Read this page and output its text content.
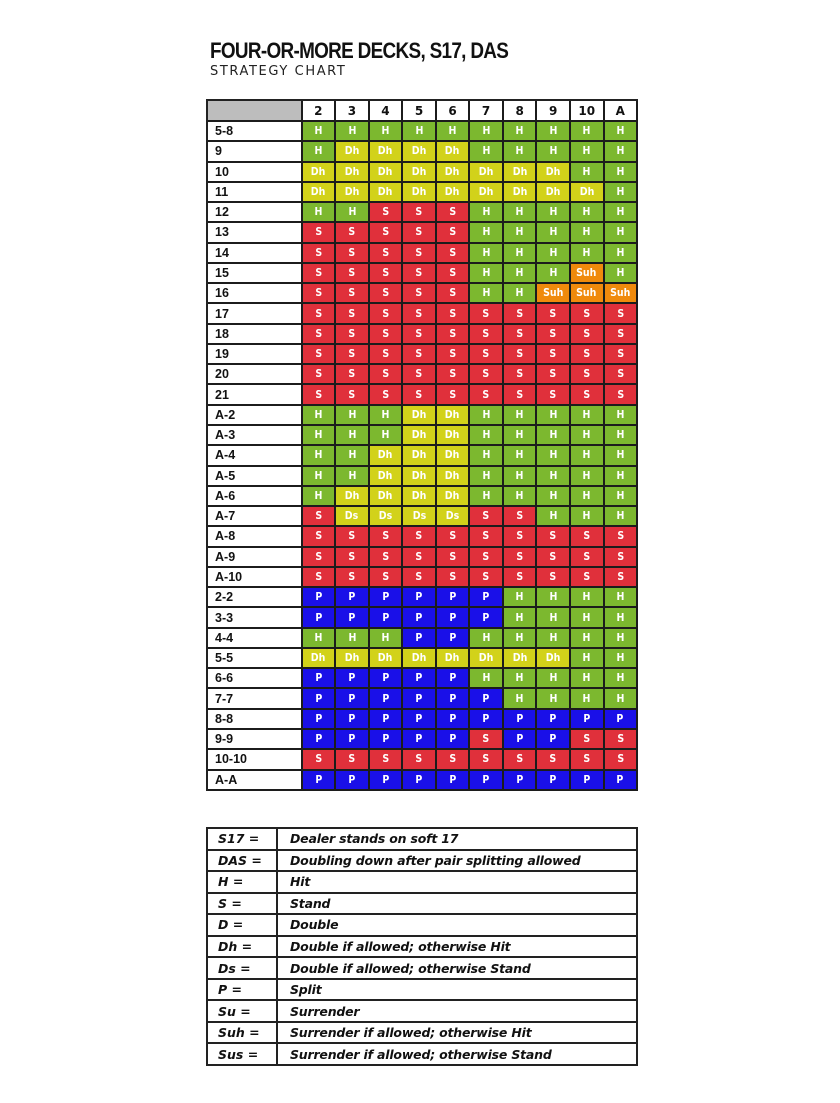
FOUR-OR-MORE DECKS, S17, DAS
STRATEGY CHART
2	3	4	5	6	7	8	9	10	A
5-8	H H H H H H H H H H
9	H Dh Dh Dh Dh H H H H H
10	Dh Dh Dh Dh Dh Dh Dh Dh H H
11	Dh Dh Dh Dh Dh Dh Dh Dh Dh H
12	H H S	S	S H H H H H
13	S	S	S	S	S H H H H H
14	S	S	S	S	S H H H H H
15	S	S	S	S	S H H H Suh H
16	S	S	S	S	S H H Suh Suh Suh
17	S	S	S	S	S	S	S	S	S	S
18	S	S	S	S	S	S	S	S	S	S
19	S	S	S	S	S	S	S	S	S	S
20	S	S	S	S	S	S	S	S	S	S
21	S	S	S	S	S	S	S	S	S	S
A-2	H H H Dh Dh H H H H H
A-3	H H H Dh Dh H H H H H
A-4	H H Dh Dh Dh H H H H H
A-5	H H Dh Dh Dh H H H H H
A-6	H Dh Dh Dh Dh H H H H H
A-7	S Ds Ds Ds Ds S	S H H H
A-8	S	S	S	S	S	S	S	S	S	S
A-9	S	S	S	S	S	S	S	S	S	S
A-10	S	S	S	S	S	S	S	S	S	S
2-2	P	P	P	P	P	P H H H H
3-3	P	P	P	P	P	P H H H H
4-4	H H H P	P H H H H H
5-5	Dh Dh Dh Dh Dh Dh Dh Dh H H
6-6	P	P	P	P	P H H H H H
7-7	P	P	P	P	P	P H H H H
8-8	P	P	P	P	P	P	P	P	P	P
9-9	P	P	P	P	P	S	P	P	S	S
10-10	S	S	S	S	S	S	S	S	S	S
A-A	P	P	P	P	P	P	P	P	P	P
S17 =	Dealer stands on soft 17
DAS =	Doubling down after pair splitting allowed
H =	Hit
S =	Stand
D =	Double
Dh =	Double if allowed; otherwise Hit
Ds =	Double if allowed; otherwise Stand
P =	Split
Su =	Surrender
Suh =	Surrender if allowed; otherwise Hit
Sus =	Surrender if allowed; otherwise Stand
